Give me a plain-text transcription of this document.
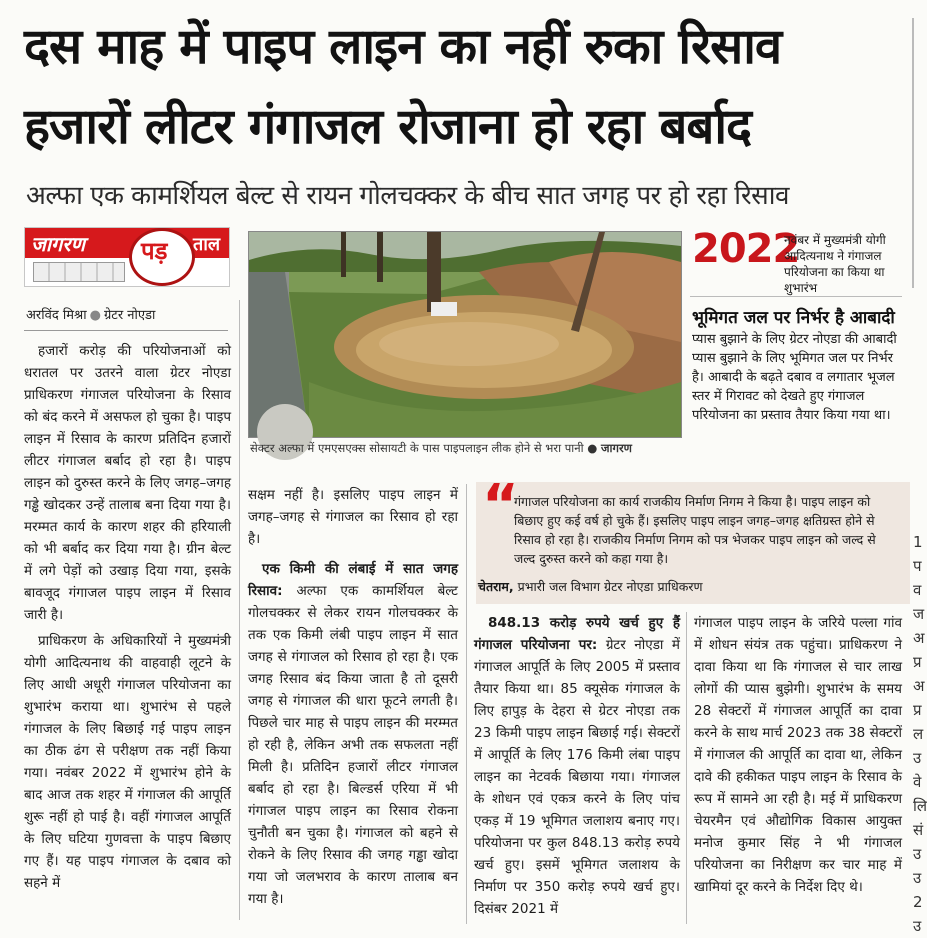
दस माह में पाइप लाइन का नहीं रुका रिसाव
हजारों लीटर गंगाजल रोजाना हो रहा बर्बाद
अल्फा एक कामर्शियल बेल्ट से रायन गोलचक्कर के बीच सात जगह पर हो रहा रिसाव
जागरण पड़ ताल
अरविंद मिश्रा ● ग्रेटर नोएडा

हजारों करोड़ की परियोजनाओं को धरातल पर उतरने वाला ग्रेटर नोएडा प्राधिकरण गंगाजल परियोजना के रिसाव को बंद करने में असफल हो चुका है। पाइप लाइन में रिसाव के कारण प्रतिदिन हजारों लीटर गंगाजल बर्बाद हो रहा है। पाइप लाइन को दुरुस्त करने के लिए जगह–जगह गड्ढे खोदकर उन्हें तालाब बना दिया गया है। मरम्मत कार्य के कारण शहर की हरियाली को भी बर्बाद कर दिया गया है। ग्रीन बेल्ट में लगे पेड़ों को उखाड़ दिया गया, इसके बावजूद गंगाजल पाइप लाइन में रिसाव जारी है।

प्राधिकरण के अधिकारियों ने मुख्यमंत्री योगी आदित्यनाथ की वाहवाही लूटने के लिए आधी अधूरी गंगाजल परियोजना का शुभारंभ कराया था। शुभारंभ से पहले गंगाजल के लिए बिछाई गई पाइप लाइन का ठीक ढंग से परीक्षण तक नहीं किया गया। नवंबर 2022 में शुभारंभ होने के बाद आज तक शहर में गंगाजल की आपूर्ति शुरू नहीं हो पाई है। वहीं गंगाजल आपूर्ति के लिए घटिया गुणवत्ता के पाइप बिछाए गए हैं। यह पाइप गंगाजल के दबाव को सहने में

सेक्टर अल्फा में एमएसएक्स सोसायटी के पास पाइपलाइन लीक होने से भरा पानी ● जागरण

सक्षम नहीं है। इसलिए पाइप लाइन में जगह–जगह से गंगाजल का रिसाव हो रहा है।

एक किमी की लंबाई में सात जगह रिसाव: अल्फा एक कामर्शियल बेल्ट गोलचक्कर से लेकर रायन गोलचक्कर के तक एक किमी लंबी पाइप लाइन में सात जगह से गंगाजल को रिसाव हो रहा है। एक जगह रिसाव बंद किया जाता है तो दूसरी जगह से गंगाजल की धारा फूटने लगती है। पिछले चार माह से पाइप लाइन की मरम्मत हो रही है, लेकिन अभी तक सफलता नहीं मिली है। प्रतिदिन हजारों लीटर गंगाजल बर्बाद हो रहा है। बिल्डर्स एरिया में भी गंगाजल पाइप लाइन का रिसाव रोकना चुनौती बन चुका है। गंगाजल को बहने से रोकने के लिए रिसाव की जगह गड्ढा खोदा गया जो जलभराव के कारण तालाब बन गया है।

2022
नवंबर में मुख्यमंत्री योगी आदित्यनाथ ने गंगाजल परियोजना का किया था शुभारंभ
भूमिगत जल पर निर्भर है आबादी
प्यास बुझाने के लिए ग्रेटर नोएडा की आबादी प्यास बुझाने के लिए भूमिगत जल पर निर्भर है। आबादी के बढ़ते दबाव व लगातार भूजल स्तर में गिरावट को देखते हुए गंगाजल परियोजना का प्रस्ताव तैयार किया गया था।
“
गंगाजल परियोजना का कार्य राजकीय निर्माण निगम ने किया है। पाइप लाइन को बिछाए हुए कई वर्ष हो चुके हैं। इसलिए पाइप लाइन जगह–जगह क्षतिग्रस्त होने से रिसाव हो रहा है। राजकीय निर्माण निगम को पत्र भेजकर पाइप लाइन को जल्द से जल्द दुरुस्त करने को कहा गया है।
चेतराम, प्रभारी जल विभाग ग्रेटर नोएडा प्राधिकरण

848.13 करोड़ रुपये खर्च हुए हैं गंगाजल परियोजना पर: ग्रेटर नोएडा में गंगाजल आपूर्ति के लिए 2005 में प्रस्ताव तैयार किया था। 85 क्यूसेक गंगाजल के लिए हापुड़ के देहरा से ग्रेटर नोएडा तक 23 किमी पाइप लाइन बिछाई गई। सेक्टरों में आपूर्ति के लिए 176 किमी लंबा पाइप लाइन का नेटवर्क बिछाया गया। गंगाजल के शोधन एवं एकत्र करने के लिए पांच एकड़ में 19 भूमिगत जलाशय बनाए गए। परियोजना पर कुल 848.13 करोड़ रुपये खर्च हुए। इसमें भूमिगत जलाशय के निर्माण पर 350 करोड़ रुपये खर्च हुए। दिसंबर 2021 में

गंगाजल पाइप लाइन के जरिये पल्ला गांव में शोधन संयंत्र तक पहुंचा। प्राधिकरण ने दावा किया था कि गंगाजल से चार लाख लोगों की प्यास बुझेगी। शुभारंभ के समय 28 सेक्टरों में गंगाजल आपूर्ति का दावा करने के साथ मार्च 2023 तक 38 सेक्टरों में गंगाजल की आपूर्ति का दावा था, लेकिन दावे की हकीकत पाइप लाइन के रिसाव के रूप में सामने आ रही है। मई में प्राधिकरण चेयरमैन एवं औद्योगिक विकास आयुक्त मनोज कुमार सिंह ने भी गंगाजल परियोजना का निरीक्षण कर चार माह में खामियां दूर करने के निर्देश दिए थे।

1
प
व
ज
अ
प्र
अ
प्र
ल
उ
वे
लि
सं
उ
उ
2
उ
